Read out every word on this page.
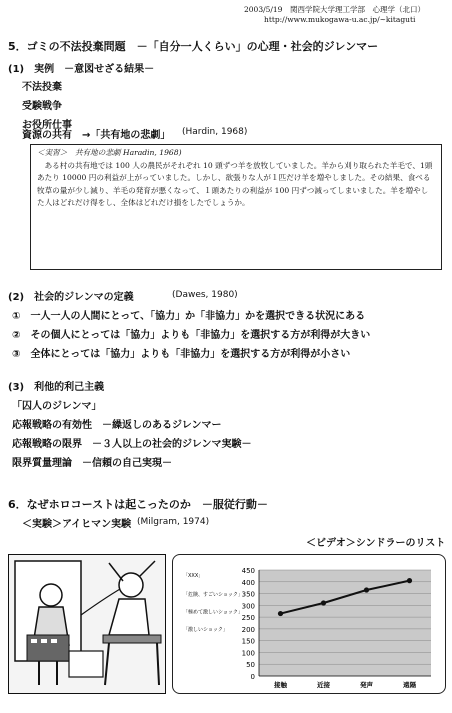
2003/5/19　関西学院大学理工学部　心理学（北口）
http://www.mukogawa-u.ac.jp/~kitaguti
5．ゴミの不法投棄問題　－「自分一人くらい」の心理・社会的ジレンマー
(1)　実例　－意図せざる結果－
不法投棄
受験戦争
お役所仕事
資源の共有　→「共有地の悲劇」 (Hardin, 1968)

＜実習＞　共有地の悲劇 Haradin, 1968)

　ある村の共有地では 100 人の農民がそれぞれ 10 頭ずつ羊を放牧していました。羊から刈り取られた羊毛で、1頭あたり 10000 円の利益が上がっていました。しかし、欲張りな人が１匹だけ羊を増やしました。その結果、食べる牧草の量が少し減り、羊毛の発育が悪くなって、１頭あたりの利益が 100 円ずつ減ってしまいました。羊を増やした人はどれだけ得をし、全体はどれだけ損をしたでしょうか。

(2)　社会的ジレンマの定義	(Dawes, 1980)
①　一人一人の人間にとって、「協力」か「非協力」かを選択できる状況にある
②　その個人にとっては「協力」よりも「非協力」を選択する方が利得が大きい
③　全体にとっては「協力」よりも「非協力」を選択する方が利得が小さい
(3)　利他的利己主義
「囚人のジレンマ」
応報戦略の有効性　－繰返しのあるジレンマー
応報戦略の限界　－３人以上の社会的ジレンマ実験－
限界質量理論　－信頼の自己実現－
6．なぜホロコーストは起こったのか　－服従行動－
＜実験＞アイヒマン実験 (Milgram, 1974)
＜ビデオ＞シンドラーのリスト
0
50
100
150
200
250
300
350
400
450
接触	近接	発声	遠隔
「XXX」
「危険、すごいショック」
「極めて激しいショック」
「激しいショック」
